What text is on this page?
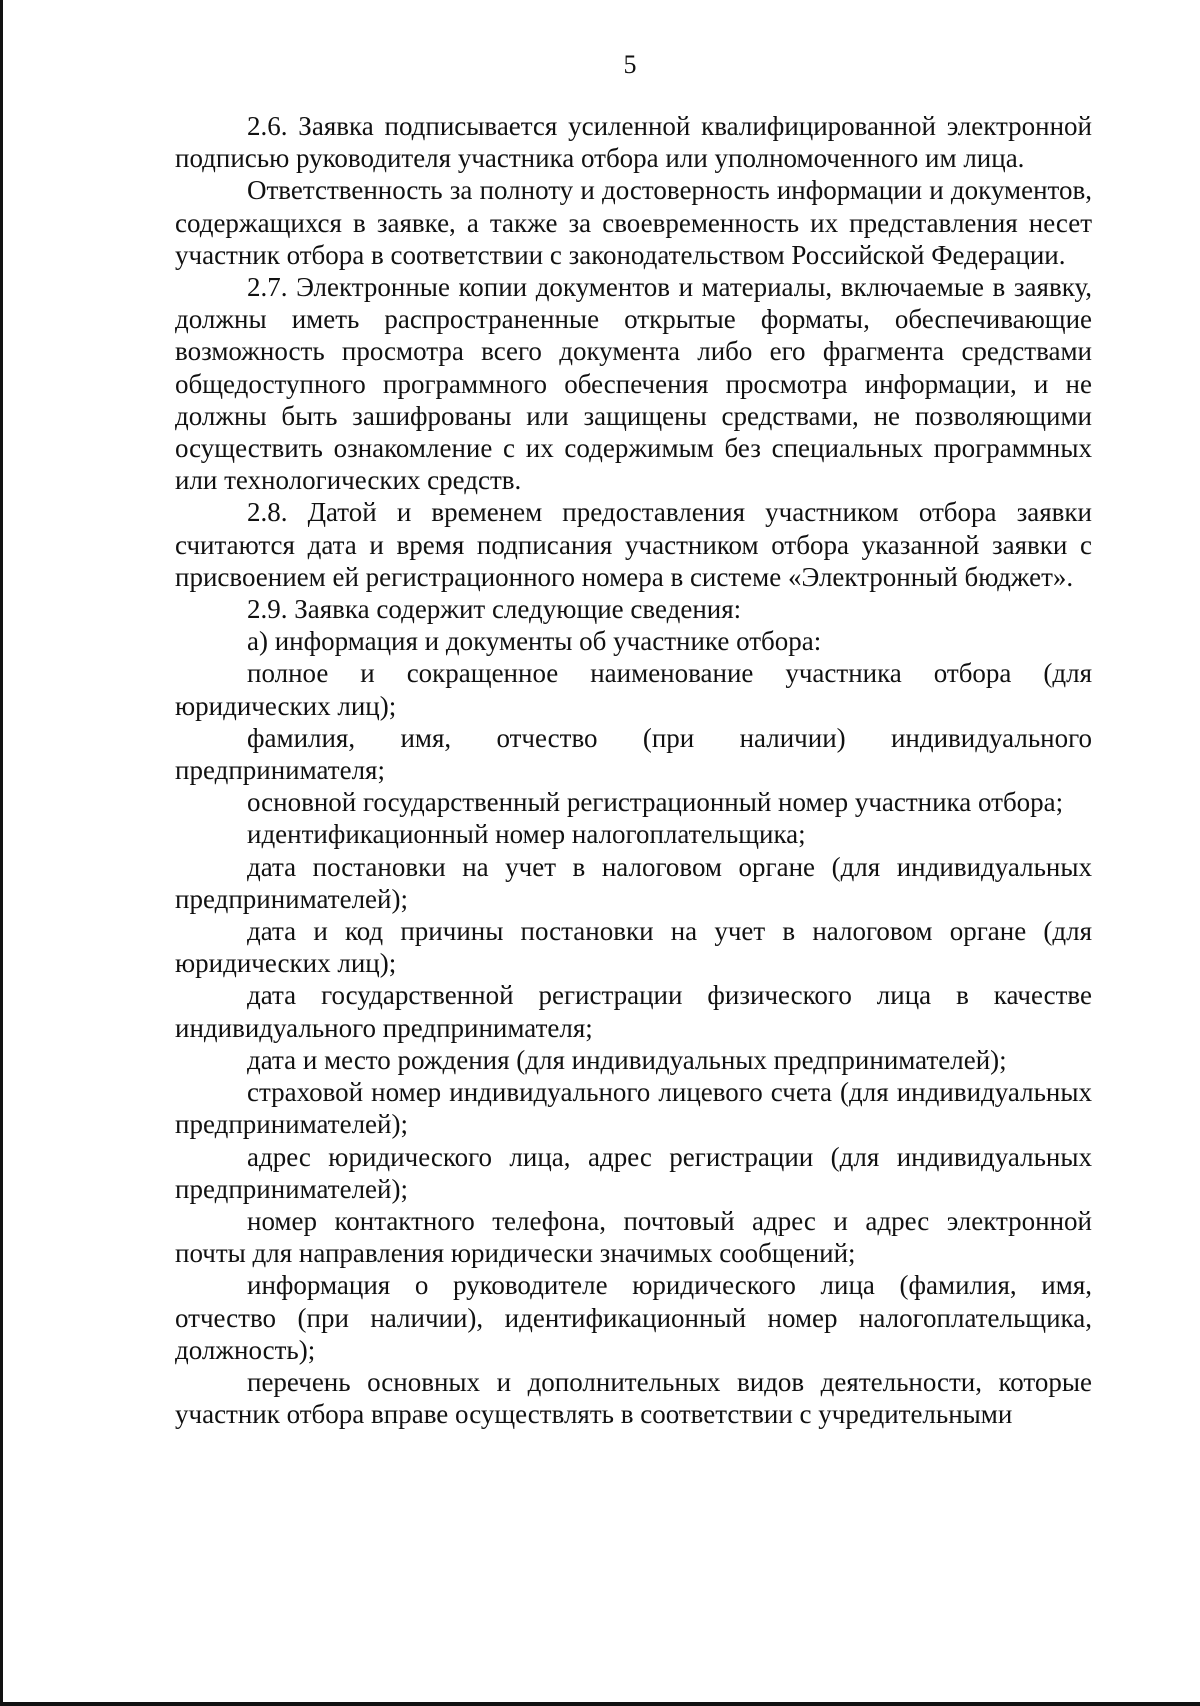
5

2.6. Заявка подписывается усиленной квалифицированной электронной подписью руководителя участника отбора или уполномоченного им лица.

Ответственность за полноту и достоверность информации и документов, содержащихся в заявке, а также за своевременность их представления несет участник отбора в соответствии с законодательством Российской Федерации.

2.7. Электронные копии документов и материалы, включаемые в заявку, должны иметь распространенные открытые форматы, обеспечивающие возможность просмотра всего документа либо его фрагмента средствами общедоступного программного обеспечения просмотра информации, и не должны быть зашифрованы или защищены средствами, не позволяющими осуществить ознакомление с их содержимым без специальных программных или технологических средств.

2.8. Датой и временем предоставления участником отбора заявки считаются дата и время подписания участником отбора указанной заявки с присвоением ей регистрационного номера в системе «Электронный бюджет».

2.9. Заявка содержит следующие сведения:

а) информация и документы об участнике отбора:

полное и сокращенное наименование участника отбора (для юридических лиц);

фамилия, имя, отчество (при наличии) индивидуального предпринимателя;

основной государственный регистрационный номер участника отбора;

идентификационный номер налогоплательщика;

дата постановки на учет в налоговом органе (для индивидуальных предпринимателей);

дата и код причины постановки на учет в налоговом органе (для юридических лиц);

дата государственной регистрации физического лица в качестве индивидуального предпринимателя;

дата и место рождения (для индивидуальных предпринимателей);

страховой номер индивидуального лицевого счета (для индивидуальных предпринимателей);

адрес юридического лица, адрес регистрации (для индивидуальных предпринимателей);

номер контактного телефона, почтовый адрес и адрес электронной почты для направления юридически значимых сообщений;

информация о руководителе юридического лица (фамилия, имя, отчество (при наличии), идентификационный номер налогоплательщика, должность);

перечень основных и дополнительных видов деятельности, которые участник отбора вправе осуществлять в соответствии с учредительными
